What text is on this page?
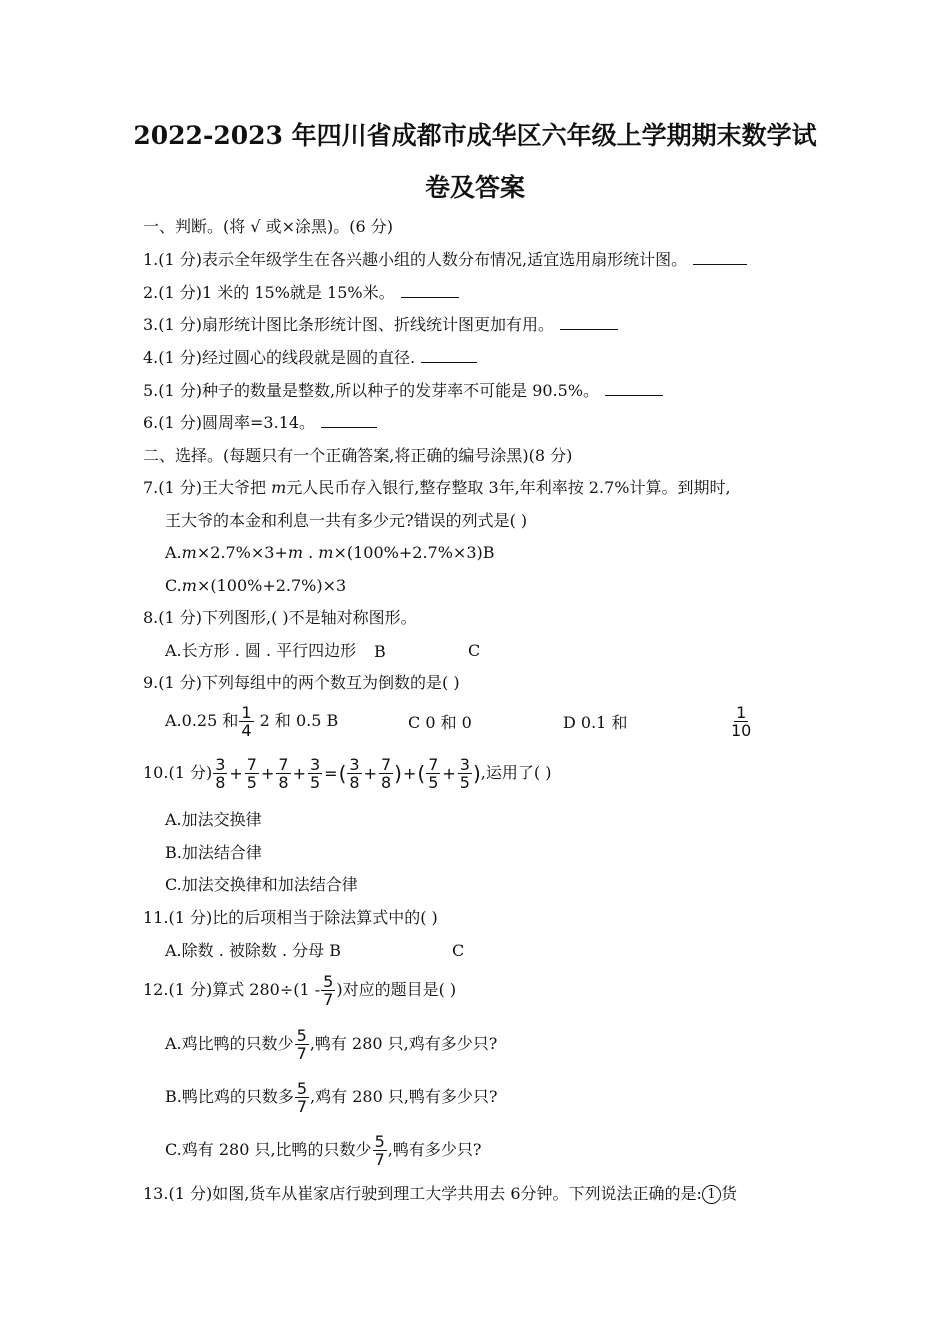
2022-2023 年四川省成都市成华区六年级上学期期末数学试
卷及答案
一、判断。(将 √ 或×涂黑)。(6 分)
1.(1 分)表示全年级学生在各兴趣小组的人数分布情况,适宜选用扇形统计图。
2.(1 分)1 米的 15%就是 15%米。
3.(1 分)扇形统计图比条形统计图、折线统计图更加有用。
4.(1 分)经过圆心的线段就是圆的直径.
5.(1 分)种子的数量是整数,所以种子的发芽率不可能是 90.5%。
6.(1 分)圆周率=3.14。
二、选择。(每题只有一个正确答案,将正确的编号涂黑)(8 分)
7.(1 分)王大爷把 m元人民币存入银行,整存整取 3年,年利率按 2.7%计算。到期时,
王大爷的本金和利息一共有多少元?错误的列式是( )
A.m×2.7%×3+m . m×(100%+2.7%×3)B
C.m×(100%+2.7%)×3
8.(1 分)下列图形,( )不是轴对称图形。
A.长方形 . 圆 . 平行四边形 B	C
9.(1 分)下列每组中的两个数互为倒数的是( )
A.0.25 和 $\frac{1}{4} 2$ 和 0.5 B	C 0 和 0	D 0.1 和	$\frac{1}{10}$
10.(1 分) $\frac{3}{8} + \frac{7}{5} + \frac{7}{8} + \frac{3}{5}$ =( $\frac{3}{8} + \frac{7}{8}$ )+( $\frac{7}{5} + \frac{3}{5}$ ),运用了( )
A.加法交换律
B.加法结合律
C.加法交换律和加法结合律
11.(1 分)比的后项相当于除法算式中的( )
A.除数 . 被除数 . 分母 B	C
12.(1 分)算式 $280\div(1 - \frac{5}{7}$ )对应的题目是( )
A.鸡比鸭的只数少 $\frac{5}{7}$ ,鸭有 280 只,鸡有多少只?
B.鸭比鸡的只数多 $\frac{5}{7}$ ,鸡有 280 只,鸭有多少只?
C.鸡有 280 只,比鸭的只数少 $\frac{5}{7}$ ,鸭有多少只?
13.(1 分)如图,货车从崔家店行驶到理工大学共用去 6分钟。下列说法正确的是: 1 货
